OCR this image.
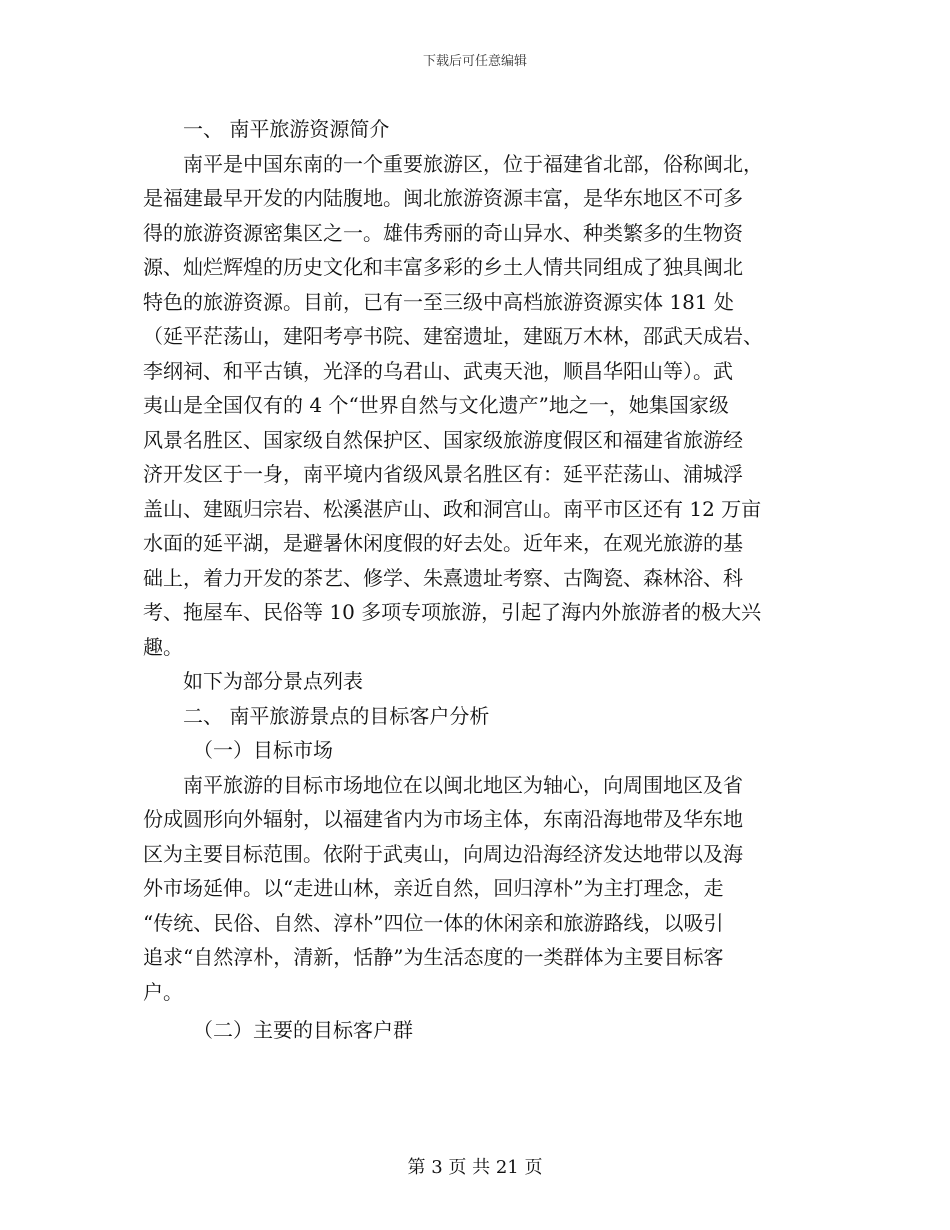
下载后可任意编辑

一、 南平旅游资源简介

南平是中国东南的一个重要旅游区，位于福建省北部，俗称闽北，

是福建最早开发的内陆腹地。闽北旅游资源丰富，是华东地区不可多

得的旅游资源密集区之一。雄伟秀丽的奇山异水、种类繁多的生物资

源、灿烂辉煌的历史文化和丰富多彩的乡土人情共同组成了独具闽北

特色的旅游资源。目前，已有一至三级中高档旅游资源实体 181 处

（延平茫荡山，建阳考亭书院、建窑遗址，建瓯万木林，邵武天成岩、

李纲祠、和平古镇，光泽的乌君山、武夷天池，顺昌华阳山等）。武

夷山是全国仅有的 4 个“世界自然与文化遗产”地之一，她集国家级

风景名胜区、国家级自然保护区、国家级旅游度假区和福建省旅游经

济开发区于一身，南平境内省级风景名胜区有：延平茫荡山、浦城浮

盖山、建瓯归宗岩、松溪湛庐山、政和洞宫山。南平市区还有 12 万亩

水面的延平湖，是避暑休闲度假的好去处。近年来，在观光旅游的基

础上，着力开发的茶艺、修学、朱熹遗址考察、古陶瓷、森林浴、科

考、拖屋车、民俗等 10 多项专项旅游，引起了海内外旅游者的极大兴

趣。

如下为部分景点列表

二、 南平旅游景点的目标客户分析

（一）目标市场

南平旅游的目标市场地位在以闽北地区为轴心，向周围地区及省

份成圆形向外辐射，以福建省内为市场主体，东南沿海地带及华东地

区为主要目标范围。依附于武夷山，向周边沿海经济发达地带以及海

外市场延伸。以“走进山林，亲近自然，回归淳朴”为主打理念，走

“传统、民俗、自然、淳朴”四位一体的休闲亲和旅游路线，以吸引

追求“自然淳朴，清新，恬静”为生活态度的一类群体为主要目标客

户。

（二）主要的目标客户群

第 3 页 共 21 页
